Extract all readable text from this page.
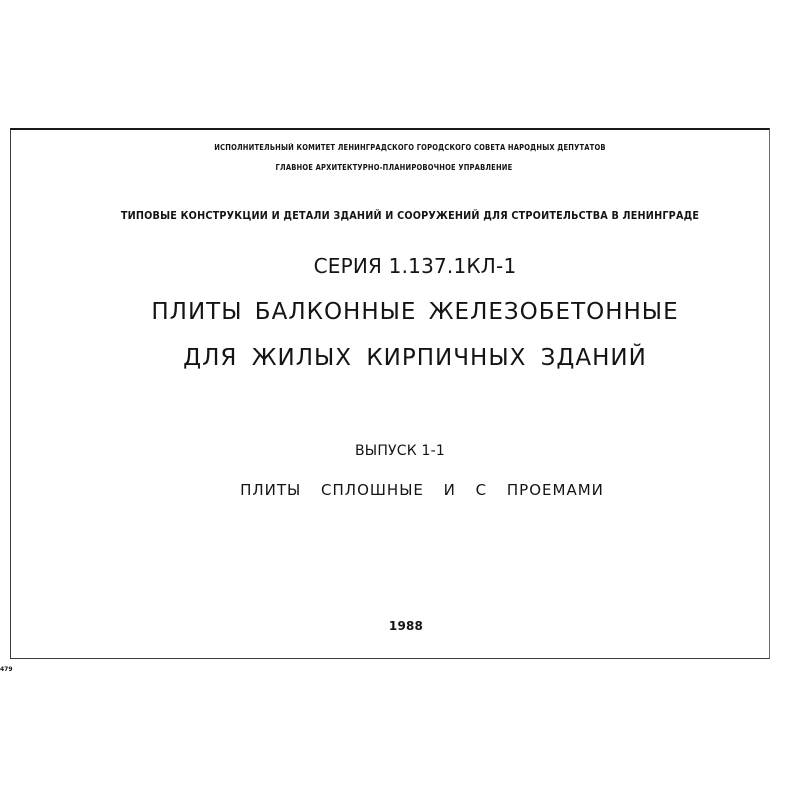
ИСПОЛНИТЕЛЬНЫЙ КОМИТЕТ ЛЕНИНГРАДСКОГО ГОРОДСКОГО СОВЕТА НАРОДНЫХ ДЕПУТАТОВ
ГЛАВНОЕ АРХИТЕКТУРНО-ПЛАНИРОВОЧНОЕ УПРАВЛЕНИЕ
ТИПОВЫЕ КОНСТРУКЦИИ И ДЕТАЛИ ЗДАНИЙ И СООРУЖЕНИЙ ДЛЯ СТРОИТЕЛЬСТВА В ЛЕНИНГРАДЕ
СЕРИЯ 1.137.1КЛ-1
ПЛИТЫ БАЛКОННЫЕ ЖЕЛЕЗОБЕТОННЫЕ
ДЛЯ ЖИЛЫХ КИРПИЧНЫХ ЗДАНИЙ
ВЫПУСК 1-1
ПЛИТЫ СПЛОШНЫЕ И С ПРОЕМАМИ
1988
479
